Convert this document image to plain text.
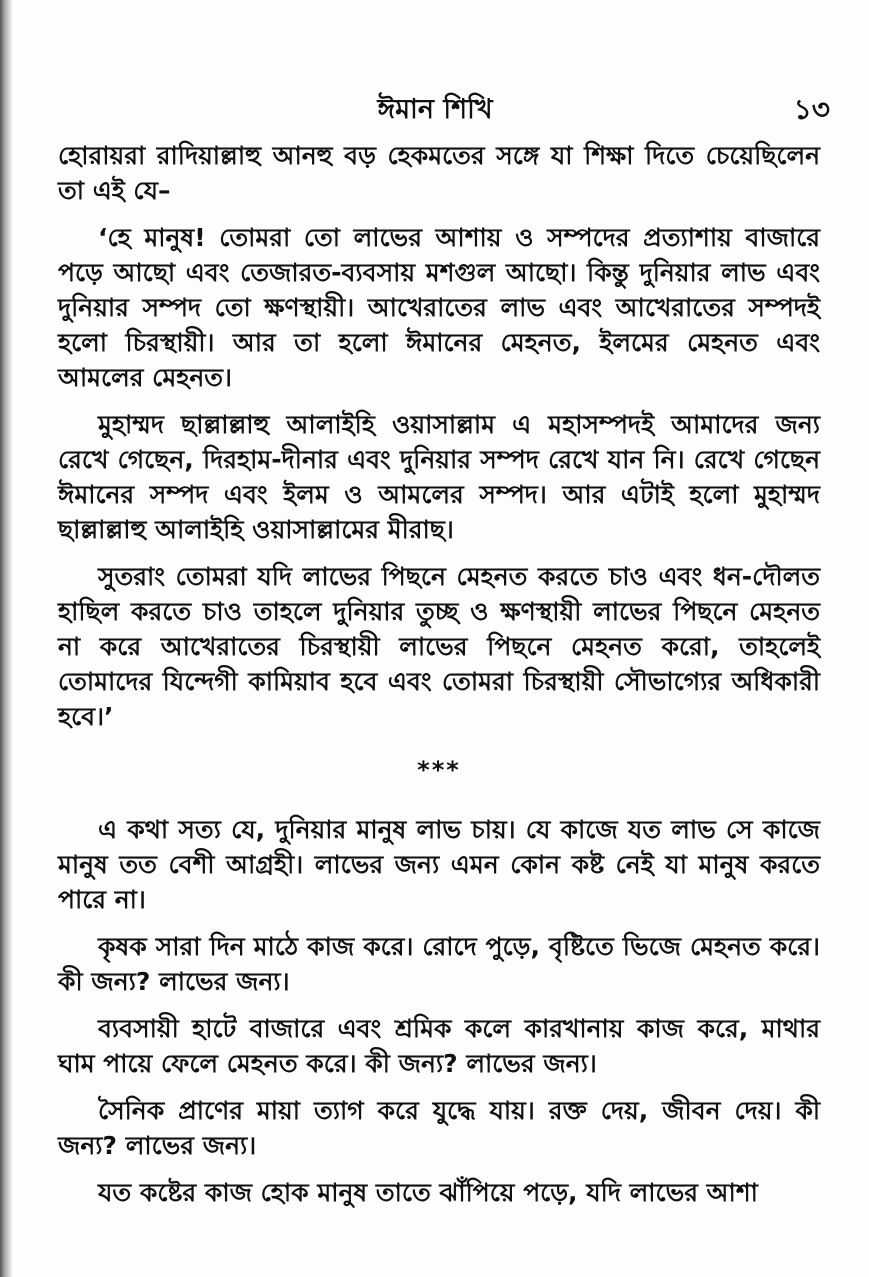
ঈমান শিখি	১৩

হোরায়রা রাদিয়াল্লাহু আনহু বড় হেকমতের সঙ্গে যা শিক্ষা দিতে চেয়েছিলেন তা এই যে–

‘হে মানুষ! তোমরা তো লাভের আশায় ও সম্পদের প্রত্যাশায় বাজারে পড়ে আছো এবং তেজারত-ব্যবসায় মশগুল আছো। কিন্তু দুনিয়ার লাভ এবং দুনিয়ার সম্পদ তো ক্ষণস্থায়ী। আখেরাতের লাভ এবং আখেরাতের সম্পদই হলো চিরস্থায়ী। আর তা হলো ঈমানের মেহনত, ইলমের মেহনত এবং আমলের মেহনত।

মুহাম্মদ ছাল্লাল্লাহু আলাইহি ওয়াসাল্লাম এ মহাসম্পদই আমাদের জন্য রেখে গেছেন, দিরহাম-দীনার এবং দুনিয়ার সম্পদ রেখে যান নি। রেখে গেছেন ঈমানের সম্পদ এবং ইলম ও আমলের সম্পদ। আর এটাই হলো মুহাম্মদ ছাল্লাল্লাহু আলাইহি ওয়াসাল্লামের মীরাছ।

সুতরাং তোমরা যদি লাভের পিছনে মেহনত করতে চাও এবং ধন-দৌলত হাছিল করতে চাও তাহলে দুনিয়ার তুচ্ছ ও ক্ষণস্থায়ী লাভের পিছনে মেহনত না করে আখেরাতের চিরস্থায়ী লাভের পিছনে মেহনত করো, তাহলেই তোমাদের যিন্দেগী কামিয়াব হবে এবং তোমরা চিরস্থায়ী সৌভাগ্যের অধিকারী হবে।’

***

এ কথা সত্য যে, দুনিয়ার মানুষ লাভ চায়। যে কাজে যত লাভ সে কাজে মানুষ তত বেশী আগ্রহী। লাভের জন্য এমন কোন কষ্ট নেই যা মানুষ করতে পারে না।

কৃষক সারা দিন মাঠে কাজ করে। রোদে পুড়ে, বৃষ্টিতে ভিজে মেহনত করে। কী জন্য? লাভের জন্য।

ব্যবসায়ী হাটে বাজারে এবং শ্রমিক কলে কারখানায় কাজ করে, মাথার ঘাম পায়ে ফেলে মেহনত করে। কী জন্য? লাভের জন্য।

সৈনিক প্রাণের মায়া ত্যাগ করে যুদ্ধে যায়। রক্ত দেয়, জীবন দেয়। কী জন্য? লাভের জন্য।

যত কষ্টের কাজ হোক মানুষ তাতে ঝাঁপিয়ে পড়ে, যদি লাভের আশা
